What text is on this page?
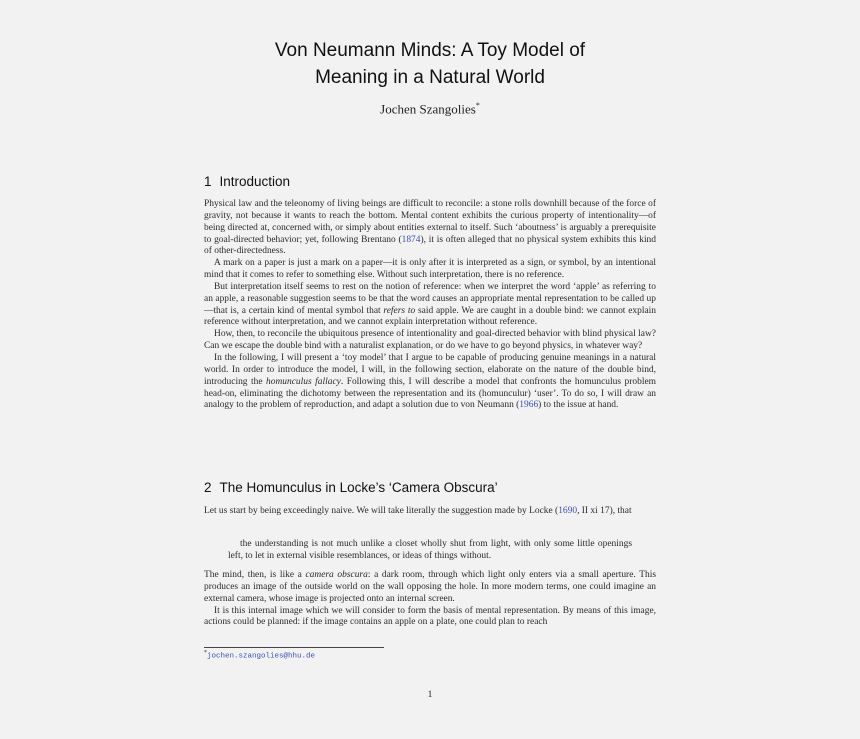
Von Neumann Minds: A Toy Model of
Meaning in a Natural World
Jochen Szangolies*
1 Introduction

Physical law and the teleonomy of living beings are difficult to reconcile: a stone rolls downhill because of the force of gravity, not because it wants to reach the bottom. Mental content exhibits the curious property of intentionality—of being directed at, concerned with, or simply about entities external to itself. Such ‘aboutness’ is arguably a prerequisite to goal-directed behavior; yet, following Brentano (1874), it is often alleged that no physical system exhibits this kind of other-directedness.

A mark on a paper is just a mark on a paper—it is only after it is interpreted as a sign, or symbol, by an intentional mind that it comes to refer to something else. Without such interpretation, there is no reference.

But interpretation itself seems to rest on the notion of reference: when we interpret the word ‘apple’ as referring to an apple, a reasonable suggestion seems to be that the word causes an appropriate mental representation to be called up—that is, a certain kind of mental symbol that refers to said apple. We are caught in a double bind: we cannot explain reference without interpretation, and we cannot explain interpretation without reference.

How, then, to reconcile the ubiquitous presence of intentionality and goal-directed behavior with blind physical law? Can we escape the double bind with a naturalist explanation, or do we have to go beyond physics, in whatever way?

In the following, I will present a ‘toy model’ that I argue to be capable of producing genuine meanings in a natural world. In order to introduce the model, I will, in the following section, elaborate on the nature of the double bind, introducing the homunculus fallacy. Following this, I will describe a model that confronts the homunculus problem head-on, eliminating the dichotomy between the representation and its (homunculur) ‘user’. To do so, I will draw an analogy to the problem of reproduction, and adapt a solution due to von Neumann (1966) to the issue at hand.

2 The Homunculus in Locke’s ‘Camera Obscura’

Let us start by being exceedingly naive. We will take literally the suggestion made by Locke (1690, II xi 17), that

the understanding is not much unlike a closet wholly shut from light, with only some little openings left, to let in external visible resemblances, or ideas of things without.

The mind, then, is like a camera obscura: a dark room, through which light only enters via a small aperture. This produces an image of the outside world on the wall opposing the hole. In more modern terms, one could imagine an external camera, whose image is projected onto an internal screen.

It is this internal image which we will consider to form the basis of mental representation. By means of this image, actions could be planned: if the image contains an apple on a plate, one could plan to reach

*jochen.szangolies@hhu.de
1
